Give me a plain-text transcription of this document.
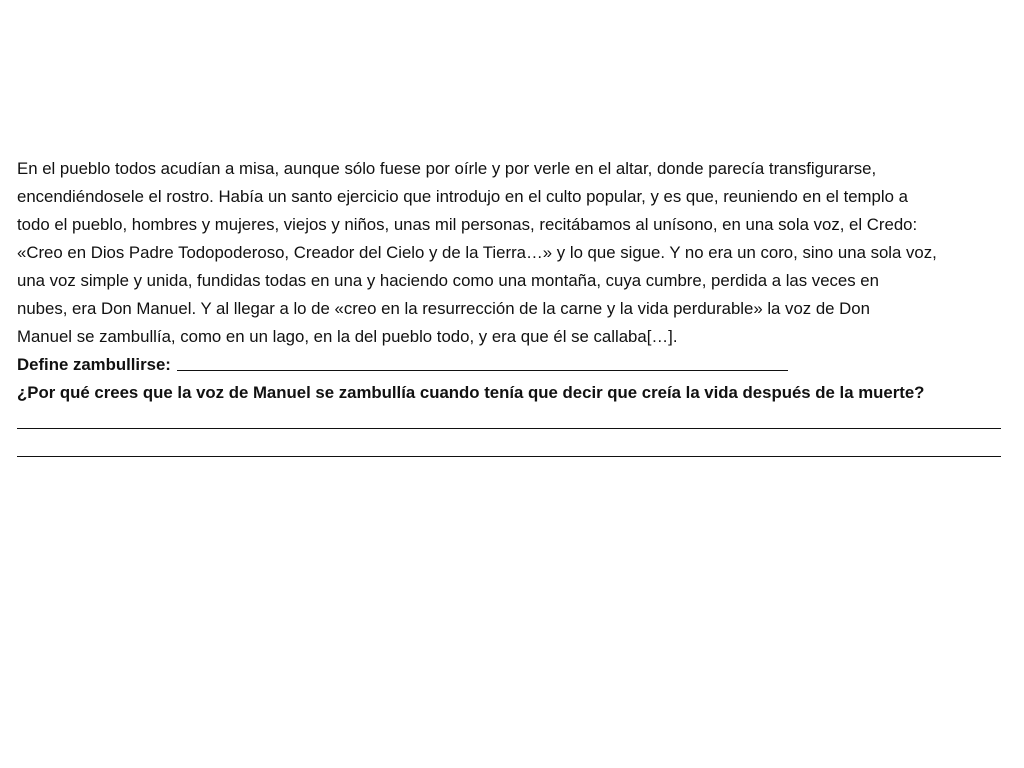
En el pueblo todos acudían a misa, aunque sólo fuese por oírle y por verle en el altar, donde parecía transfigurarse,
encendiéndosele el rostro. Había un santo ejercicio que introdujo en el culto popular, y es que, reuniendo en el templo a
todo el pueblo, hombres y mujeres, viejos y niños, unas mil personas, recitábamos al unísono, en una sola voz, el Credo:
«Creo en Dios Padre Todopoderoso, Creador del Cielo y de la Tierra…» y lo que sigue. Y no era un coro, sino una sola voz,
una voz simple y unida, fundidas todas en una y haciendo como una montaña, cuya cumbre, perdida a las veces en
nubes, era Don Manuel. Y al llegar a lo de «creo en la resurrección de la carne y la vida perdurable» la voz de Don
Manuel se zambullía, como en un lago, en la del pueblo todo, y era que él se callaba[…].
Define zambullirse:
¿Por qué crees que la voz de Manuel se zambullía cuando tenía que decir que creía la vida después de la muerte?
